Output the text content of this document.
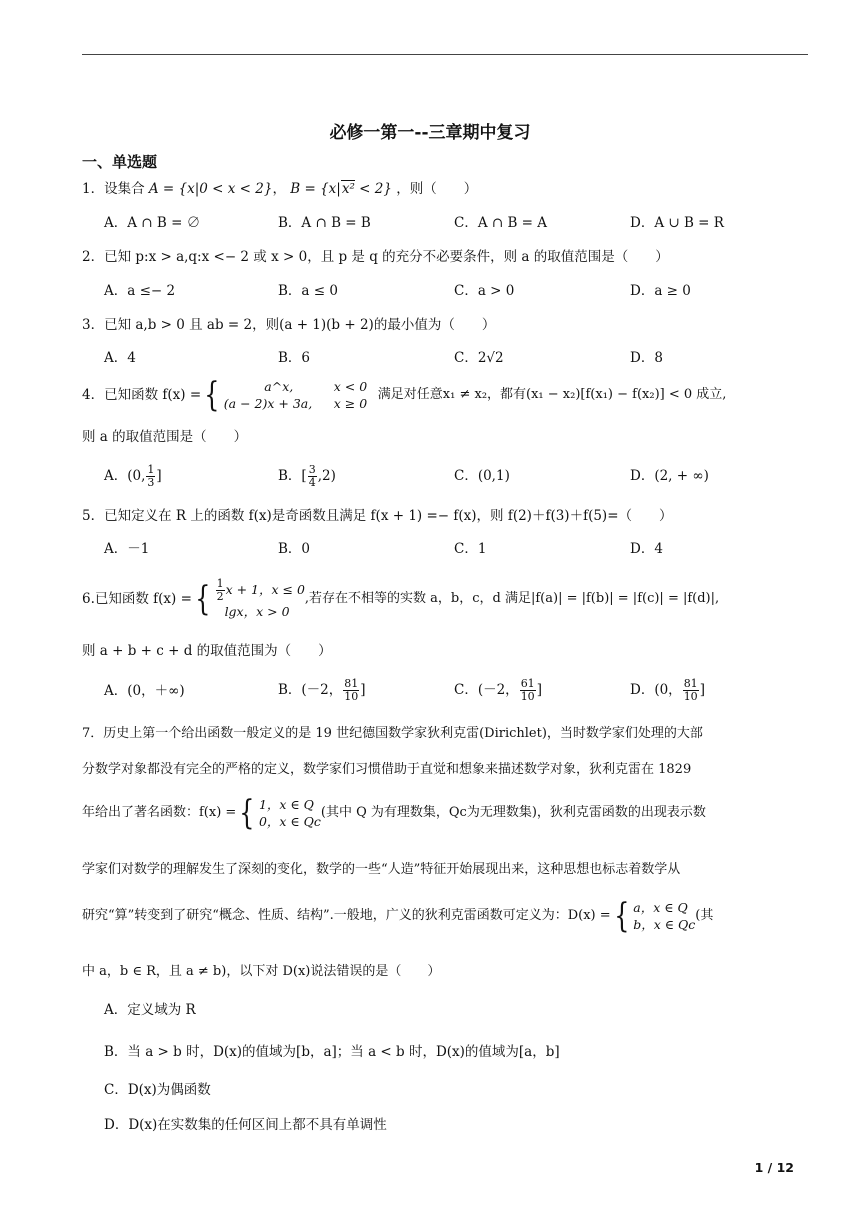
必修一第一--三章期中复习
一、单选题
1．设集合 A = {x|0 < x < 2}， B = {x|x² < 2} ，则（　　）
A．A ∩ B = ∅	B．A ∩ B = B	C．A ∩ B = A	D．A ∪ B = R
2．已知 p:x > a,q:x <− 2 或 x > 0，且 p 是 q 的充分不必要条件，则 a 的取值范围是（　　）
A．a ≤− 2	B．a ≤ 0	C．a > 0	D．a ≥ 0
3．已知 a,b > 0 且 ab = 2，则(a + 1)(b + 2)的最小值为（　　）
A．4	B．6	C．2√2	D．8
4．已知函数 f(x) = {	a^x,	x < 0
(a − 2)x + 3a,	x ≥ 0
满足对任意x₁ ≠ x₂，都有(x₁ − x₂)[f(x₁) − f(x₂)] < 0 成立,
则 a 的取值范围是（　　）
A．(0, $\frac{1}{3}$ ]	B．[ $\frac{3}{4} ,2$)	C．(0,1)	D．(2, + ∞)
5．已知定义在 R 上的函数 f(x)是奇函数且满足 f(x + 1) =− f(x)，则 f(2)＋f(3)＋f(5)=（　　）
A．－1	B．0	C．1	D．4
6.已知函数 f(x) = { $\frac{1}{2}$ x + 1，x ≤ 0
lgx，x > 0
,若存在不相等的实数 a，b，c，d 满足|f(a)| = |f(b)| = |f(c)| = |f(d)|,
则 a + b + c + d 的取值范围为（　　）
A．(0，＋∞)	B．(－2， $\frac{81}{10}$ ]	C．(－2， $\frac{61}{10}$ ]	D．(0， $\frac{81}{10}$ ]
7．历史上第一个给出函数一般定义的是 19 世纪德国数学家狄利克雷(Dirichlet)，当时数学家们处理的大部
分数学对象都没有完全的严格的定义，数学家们习惯借助于直觉和想象来描述数学对象，狄利克雷在 1829
年给出了著名函数：f(x) = { 1，x ∈ Q
0，x ∈ Qc
(其中 Q 为有理数集，Qc为无理数集)，狄利克雷函数的出现表示数
学家们对数学的理解发生了深刻的变化，数学的一些“人造”特征开始展现出来，这种思想也标志着数学从
研究“算”转变到了研究“概念、性质、结构”.一般地，广义的狄利克雷函数可定义为：D(x) = { a，x ∈ Q
b，x ∈ Qc
(其
中 a，b ∈ R，且 a ≠ b)，以下对 D(x)说法错误的是（　　）
A．定义域为 R
B．当 a > b 时，D(x)的值域为[b，a]；当 a < b 时，D(x)的值域为[a，b]
C．D(x)为偶函数
D．D(x)在实数集的任何区间上都不具有单调性
1 / 12
